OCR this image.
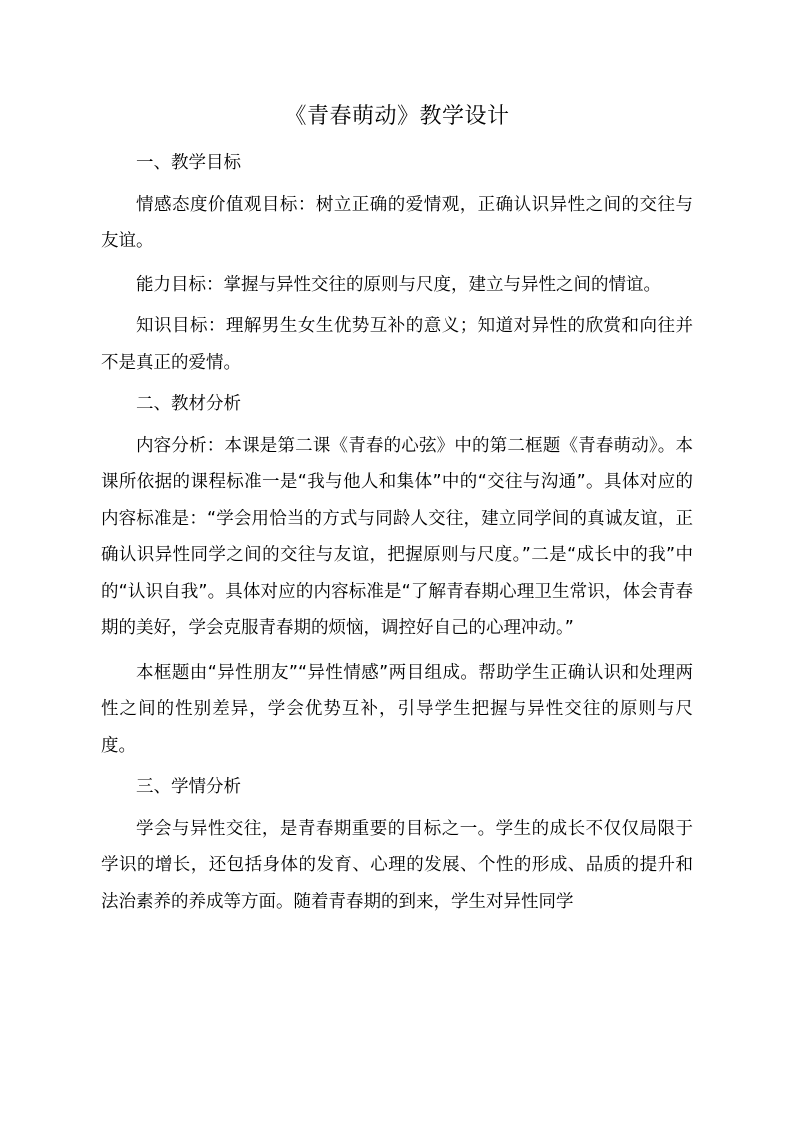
《青春萌动》教学设计

一、教学目标

情感态度价值观目标：树立正确的爱情观，正确认识异性之间的交往与友谊。

能力目标：掌握与异性交往的原则与尺度，建立与异性之间的情谊。

知识目标：理解男生女生优势互补的意义；知道对异性的欣赏和向往并不是真正的爱情。

二、教材分析

内容分析：本课是第二课《青春的心弦》中的第二框题《青春萌动》。本课所依据的课程标准一是“我与他人和集体”中的“交往与沟通”。具体对应的内容标准是：“学会用恰当的方式与同龄人交往，建立同学间的真诚友谊，正确认识异性同学之间的交往与友谊，把握原则与尺度。”二是“成长中的我”中的“认识自我”。具体对应的内容标准是“了解青春期心理卫生常识，体会青春期的美好，学会克服青春期的烦恼，调控好自己的心理冲动。”

本框题由“异性朋友”“异性情感”两目组成。帮助学生正确认识和处理两性之间的性别差异，学会优势互补，引导学生把握与异性交往的原则与尺度。

三、学情分析

学会与异性交往，是青春期重要的目标之一。学生的成长不仅仅局限于学识的增长，还包括身体的发育、心理的发展、个性的形成、品质的提升和法治素养的养成等方面。随着青春期的到来，学生对异性同学
